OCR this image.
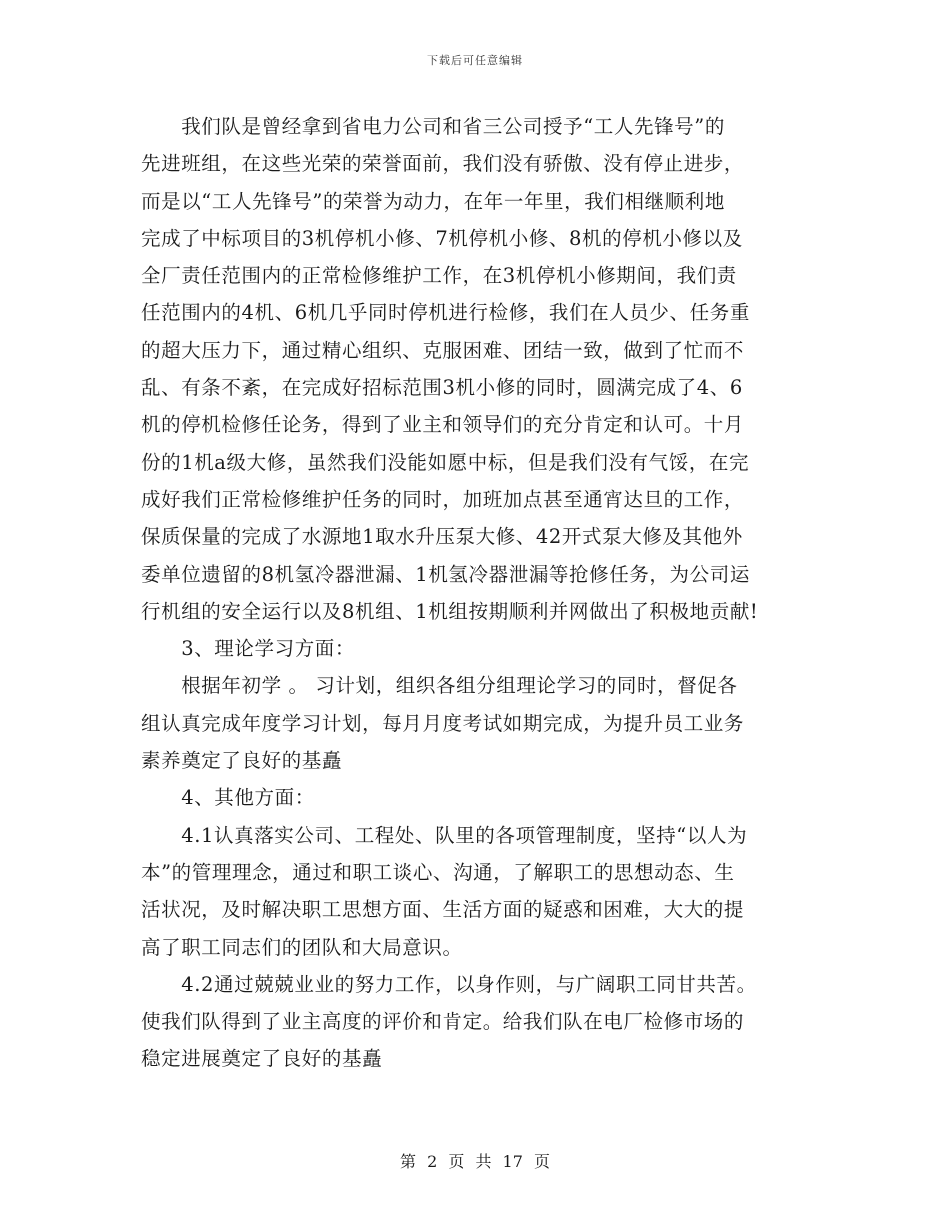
下载后可任意编辑
　　我们队是曾经拿到省电力公司和省三公司授予“工人先锋号”的
先进班组，在这些光荣的荣誉面前，我们没有骄傲、没有停止进步，
而是以“工人先锋号”的荣誉为动力，在年一年里，我们相继顺利地
完成了中标项目的3机停机小修、7机停机小修、8机的停机小修以及
全厂责任范围内的正常检修维护工作，在3机停机小修期间，我们责
任范围内的4机、6机几乎同时停机进行检修，我们在人员少、任务重
的超大压力下，通过精心组织、克服困难、团结一致，做到了忙而不
乱、有条不紊，在完成好招标范围3机小修的同时，圆满完成了4、6
机的停机检修任论务，得到了业主和领导们的充分肯定和认可。十月
份的1机a级大修，虽然我们没能如愿中标，但是我们没有气馁，在完
成好我们正常检修维护任务的同时，加班加点甚至通宵达旦的工作，
保质保量的完成了水源地1取水升压泵大修、42开式泵大修及其他外
委单位遗留的8机氢冷器泄漏、1机氢冷器泄漏等抢修任务，为公司运
行机组的安全运行以及8机组、1机组按期顺利并网做出了积极地贡献!
　　3、理论学习方面：
　　根据年初学 。 习计划，组织各组分组理论学习的同时，督促各
组认真完成年度学习计划，每月月度考试如期完成，为提升员工业务
素养奠定了良好的基矗
　　4、其他方面：
　　4.1认真落实公司、工程处、队里的各项管理制度，坚持“以人为
本”的管理理念，通过和职工谈心、沟通，了解职工的思想动态、生
活状况，及时解决职工思想方面、生活方面的疑惑和困难，大大的提
高了职工同志们的团队和大局意识。
　　4.2通过兢兢业业的努力工作，以身作则，与广阔职工同甘共苦。
使我们队得到了业主高度的评价和肯定。给我们队在电厂检修市场的
稳定进展奠定了良好的基矗
第 2 页 共 17 页
